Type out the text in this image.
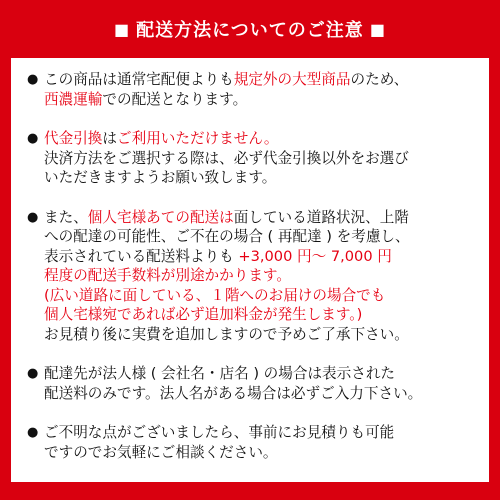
■ 配送方法についてのご注意 ■
● この商品は通常宅配便よりも規定外の大型商品のため、
西濃運輸での配送となります。
● 代金引換はご利用いただけません。
決済方法をご選択する際は、必ず代金引換以外をお選び
いただきますようお願い致します。
● また、個人宅様あての配送は面している道路状況、上階
への配達の可能性、ご不在の場合 ( 再配達 ) を考慮し、
表示されている配送料よりも +3,000 円～ 7,000 円
程度の配送手数料が別途かかります。
(広い道路に面している、１階へのお届けの場合でも
個人宅様宛であれば必ず追加料金が発生します。)
お見積り後に実費を追加しますので予めご了承下さい。
● 配達先が法人様 ( 会社名・店名 ) の場合は表示された
配送料のみです。法人名がある場合は必ずご入力下さい。
● ご不明な点がございましたら、事前にお見積りも可能
ですのでお気軽にご相談ください。
